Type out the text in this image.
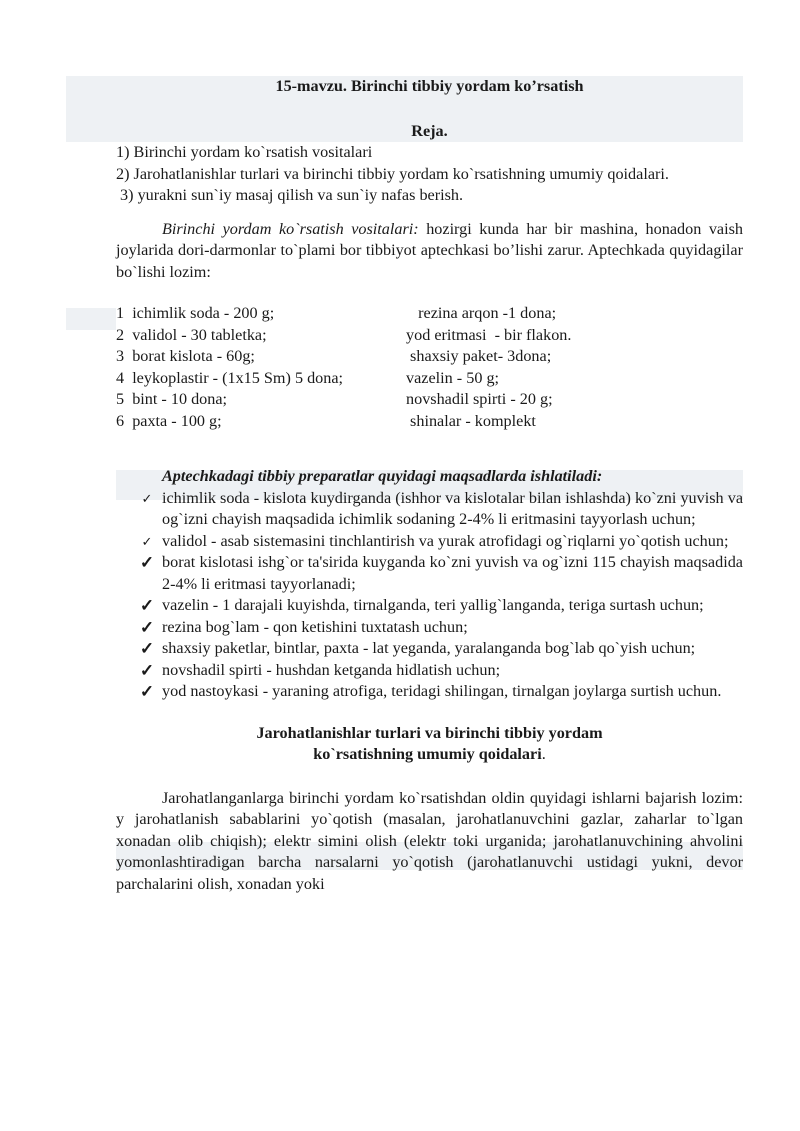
15-mavzu. Birinchi tibbiy yordam ko’rsatish

Reja.

1) Birinchi yordam ko`rsatish vositalari

2) Jarohatlanishlar turlari va birinchi tibbiy yordam ko`rsatishning umumiy qoidalari.

3) yurakni sun`iy masaj qilish va sun`iy nafas berish.

Birinchi yordam ko`rsatish vositalari: hozirgi kunda har bir mashina, honadon vaish joylarida dori-darmonlar to`plami bor tibbiyot aptechkasi bo’lishi zarur. Aptechkada quyidagilar bo`lishi lozim:

1  ichimlik soda - 200 g;	rezina arqon -1 dona;
2  validol - 30 tabletka;	yod eritmasi  - bir flakon.
3  borat kislota - 60g;	shaxsiy paket- 3dona;
4  leykoplastir - (1x15 Sm) 5 dona;	vazelin - 50 g;
5  bint - 10 dona;	novshadil spirti - 20 g;
6  paxta - 100 g;	shinalar - komplekt

Aptechkadagi tibbiy preparatlar quyidagi maqsadlarda ishlatiladi:

✓ ichimlik soda - kislota kuydirganda (ishhor va kislotalar bilan ishlashda) ko`zni yuvish va og`izni chayish maqsadida ichimlik sodaning 2-4% li eritmasini tayyorlash uchun;
✓ validol - asab sistemasini tinchlantirish va yurak atrofidagi og`riqlarni yo`qotish uchun;
✓ borat kislotasi ishg`or ta'sirida kuyganda ko`zni yuvish va og`izni 115 chayish maqsadida 2-4% li eritmasi tayyorlanadi;
✓ vazelin - 1 darajali kuyishda, tirnalganda, teri yallig`langanda, teriga surtash uchun;
✓ rezina bog`lam - qon ketishini tuxtatash uchun;
✓ shaxsiy paketlar, bintlar, paxta - lat yeganda, yaralanganda bog`lab qo`yish uchun;
✓ novshadil spirti - hushdan ketganda hidlatish uchun;
✓ yod nastoykasi - yaraning atrofiga, teridagi shilingan, tirnalgan joylarga surtish uchun.

Jarohatlanishlar turlari va birinchi tibbiy yordam

ko`rsatishning umumiy qoidalari.

Jarohatlanganlarga birinchi yordam ko`rsatishdan oldin quyidagi ishlarni bajarish lozim: y jarohatlanish sabablarini yo`qotish (masalan, jarohatlanuvchini gazlar, zaharlar to`lgan xonadan olib chiqish); elektr simini olish (elektr toki urganida; jarohatlanuvchining ahvolini yomonlashtiradigan barcha narsalarni yo`qotish (jarohatlanuvchi ustidagi yukni, devor parchalarini olish, xonadan yoki
